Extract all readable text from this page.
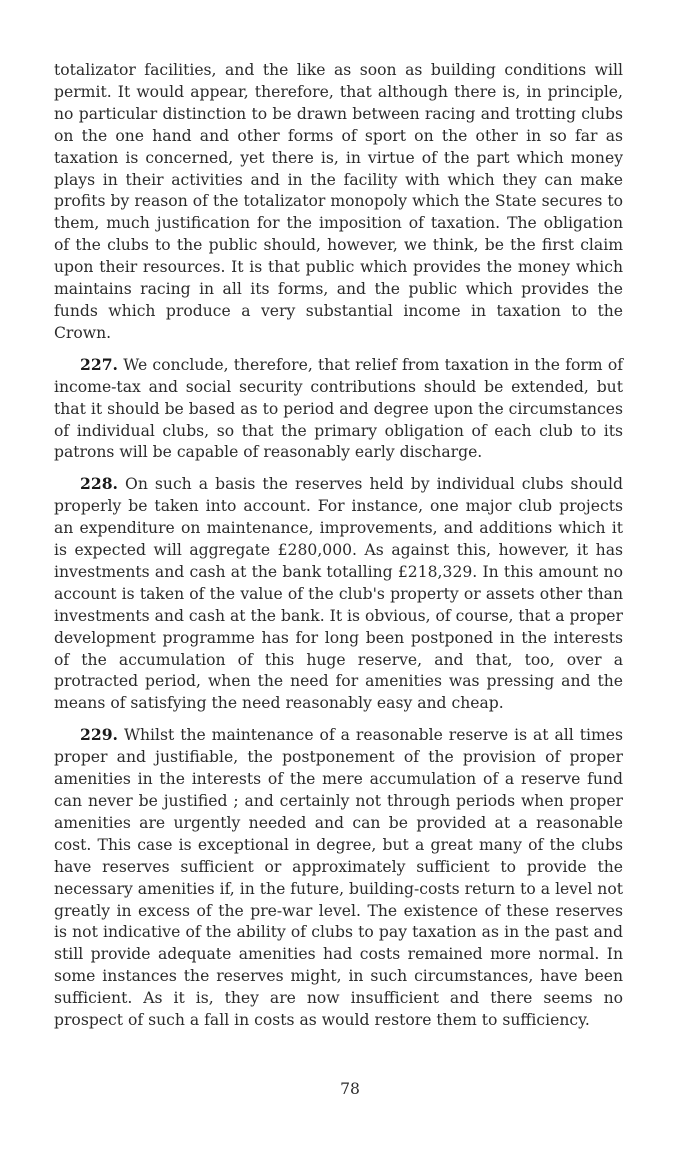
totalizator facilities, and the like as soon as building conditions will permit. It would appear, therefore, that although there is, in principle, no particular distinction to be drawn between racing and trotting clubs on the one hand and other forms of sport on the other in so far as taxation is concerned, yet there is, in virtue of the part which money plays in their activities and in the facility with which they can make profits by reason of the totalizator monopoly which the State secures to them, much justification for the imposition of taxation. The obligation of the clubs to the public should, however, we think, be the first claim upon their resources. It is that public which provides the money which maintains racing in all its forms, and the public which provides the funds which produce a very substantial income in taxation to the Crown.

227. We conclude, therefore, that relief from taxation in the form of income-tax and social security contributions should be extended, but that it should be based as to period and degree upon the circumstances of individual clubs, so that the primary obligation of each club to its patrons will be capable of reasonably early discharge.

228. On such a basis the reserves held by individual clubs should properly be taken into account. For instance, one major club projects an expenditure on maintenance, improvements, and additions which it is expected will aggregate £280,000. As against this, however, it has investments and cash at the bank totalling £218,329. In this amount no account is taken of the value of the club's property or assets other than investments and cash at the bank. It is obvious, of course, that a proper development programme has for long been postponed in the interests of the accumulation of this huge reserve, and that, too, over a protracted period, when the need for amenities was pressing and the means of satisfying the need reasonably easy and cheap.

229. Whilst the maintenance of a reasonable reserve is at all times proper and justifiable, the postponement of the provision of proper amenities in the interests of the mere accumulation of a reserve fund can never be justified ; and certainly not through periods when proper amenities are urgently needed and can be provided at a reasonable cost. This case is exceptional in degree, but a great many of the clubs have reserves sufficient or approximately sufficient to provide the necessary amenities if, in the future, building-costs return to a level not greatly in excess of the pre-war level. The existence of these reserves is not indicative of the ability of clubs to pay taxation as in the past and still provide adequate amenities had costs remained more normal. In some instances the reserves might, in such circumstances, have been sufficient. As it is, they are now insufficient and there seems no prospect of such a fall in costs as would restore them to sufficiency.

78
